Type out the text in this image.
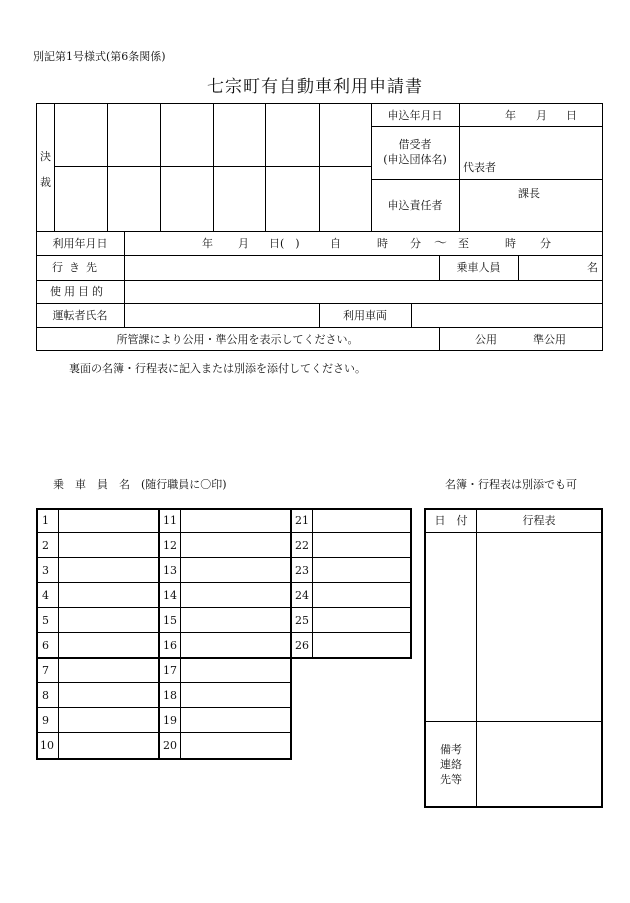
別記第1号様式(第6条関係)
七宗町有自動車利用申請書
決
裁
申込年月日	年 月 日
借受者
(申込団体名)
代表者
申込責任者
課長
利用年月日	年 月 日(　)	自	時 分 〜 至	時 分
行き先	乗車人員	名
使用目的
運転者氏名	利用車両
所管課により公用・準公用を表示してください。	公用	準公用
裏面の名簿・行程表に記入または別添を添付してください。
乗　車　員　名　(随行職員に〇印)	名簿・行程表は別添でも可
1
2
3
4
5
6
7
8
9
10
11
12
13
14
15
16
17
18
19
20
21
22
23
24
25
26
日　付	行程表
備考
連絡
先等
